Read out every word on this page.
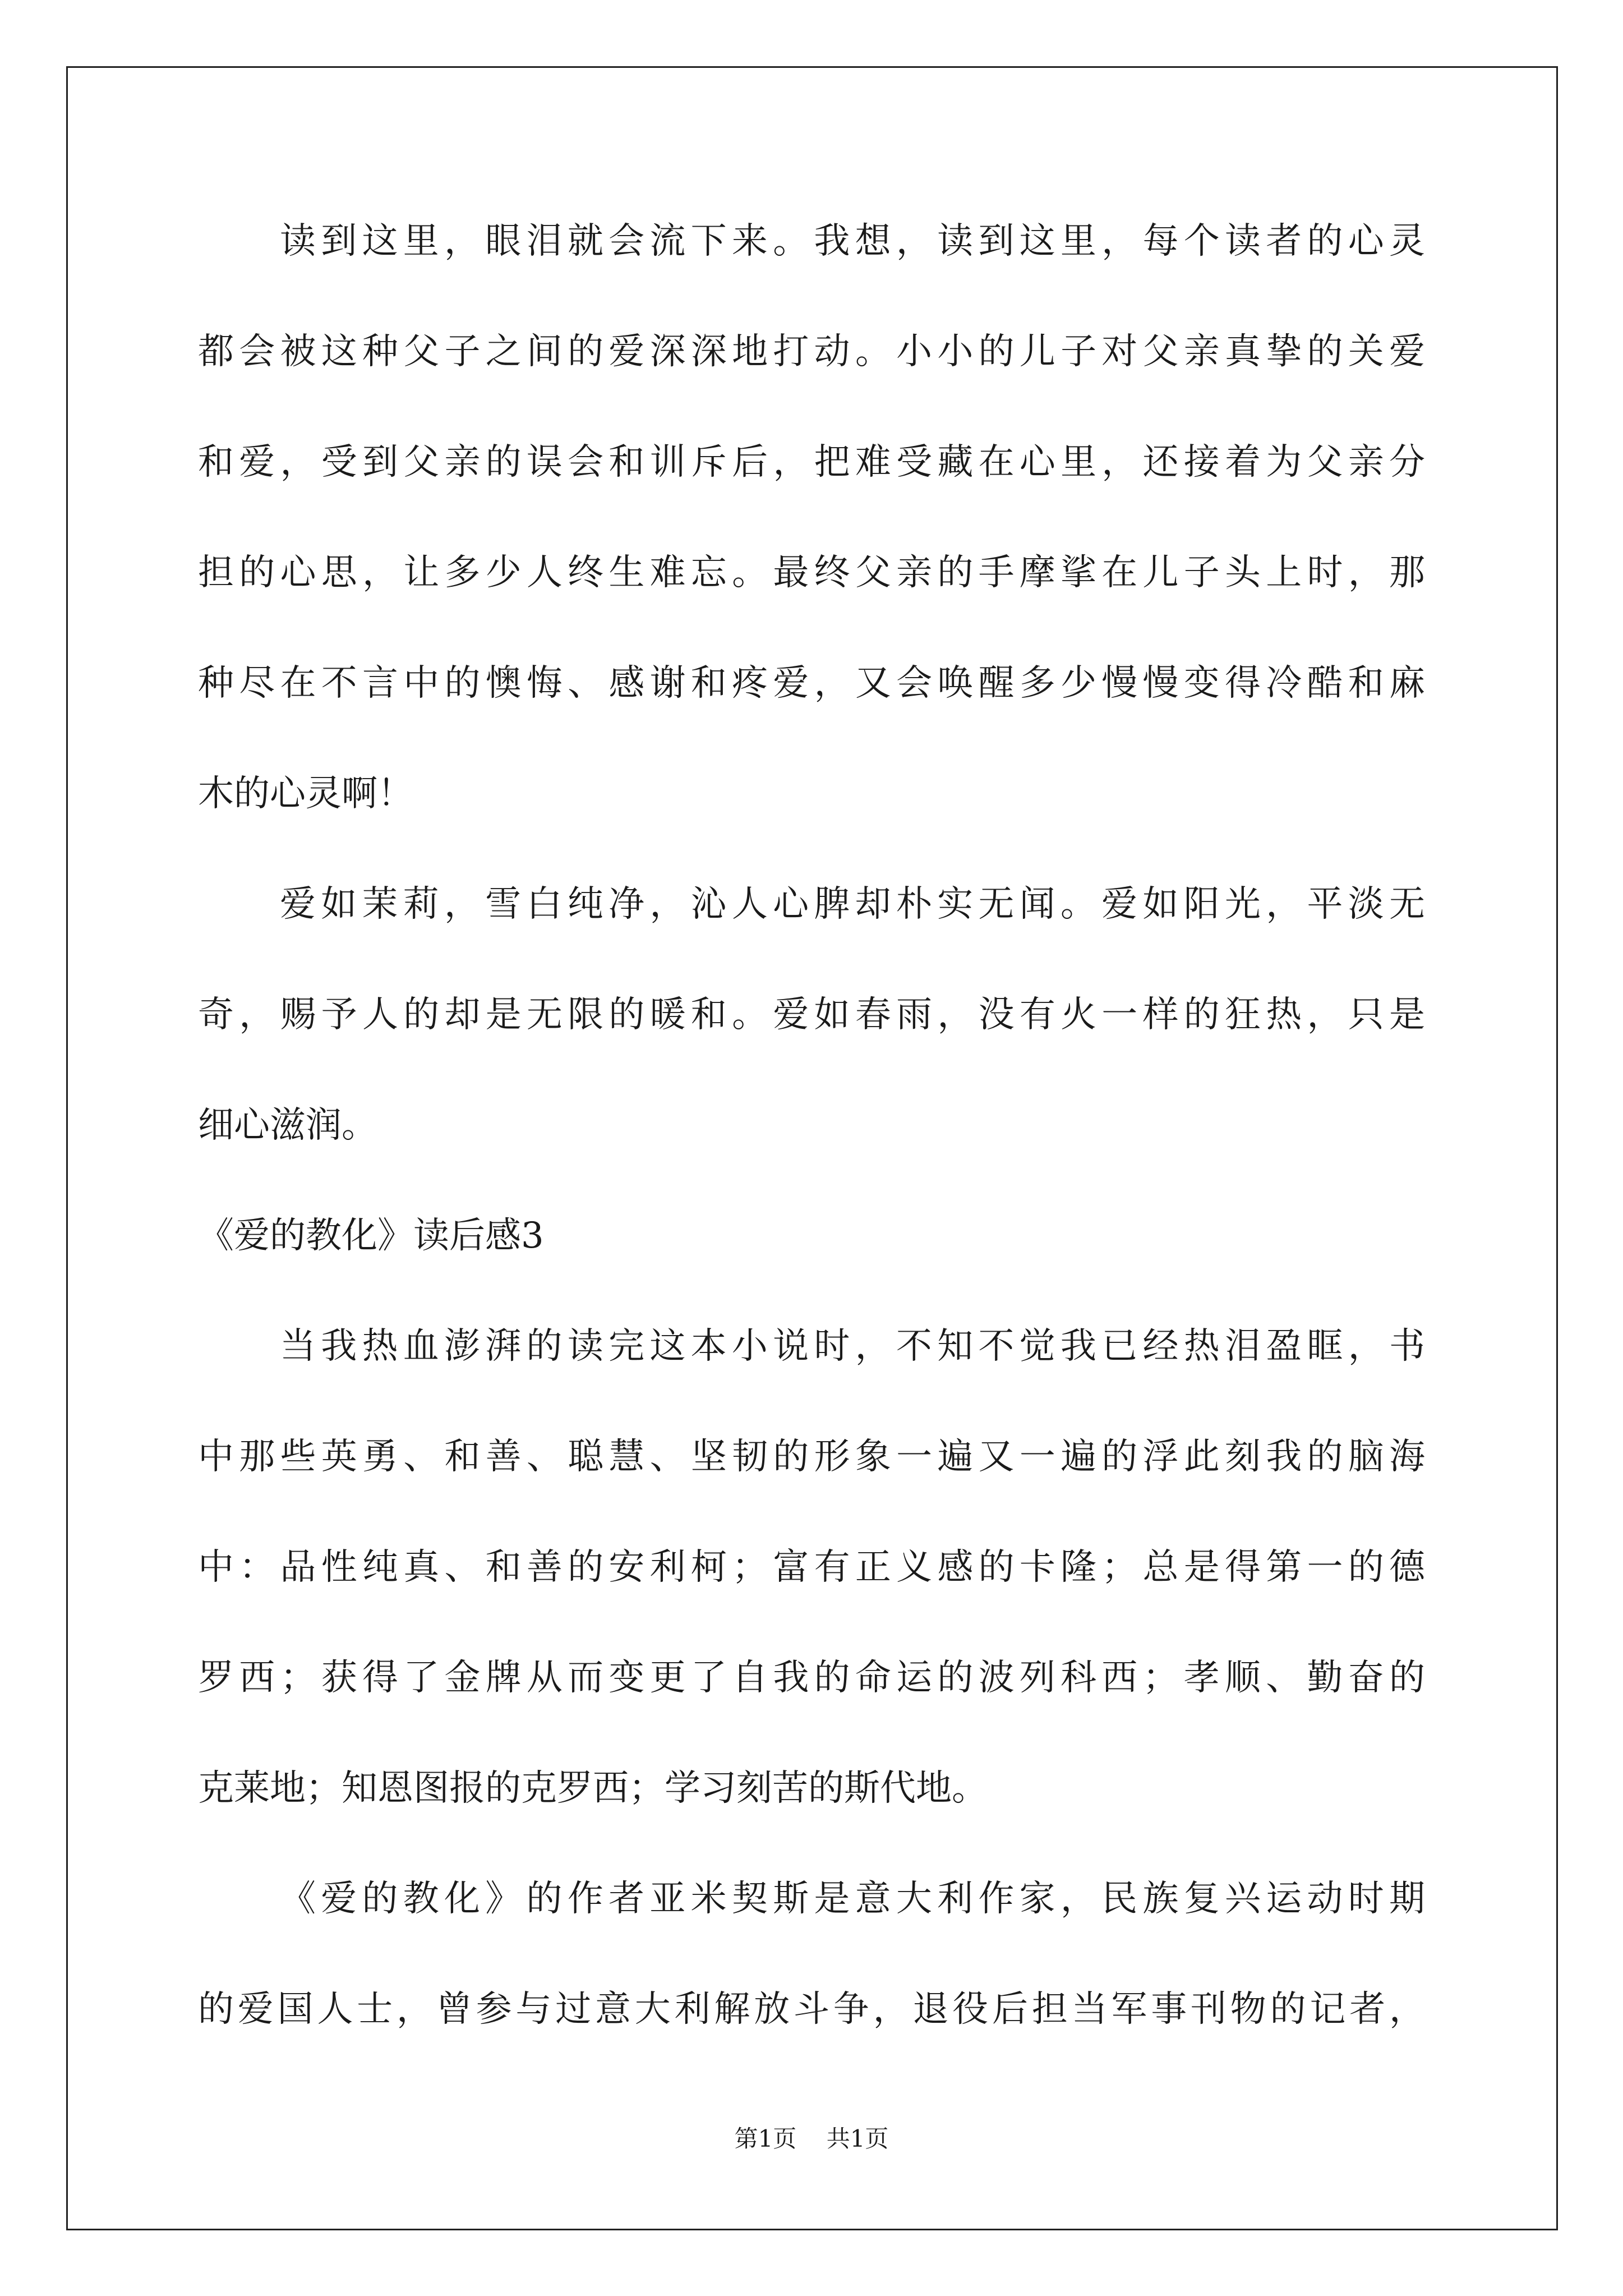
读到这里，眼泪就会流下来。我想，读到这里，每个读者的心灵
都会被这种父子之间的爱深深地打动。小小的儿子对父亲真挚的关爱
和爱，受到父亲的误会和训斥后，把难受藏在心里，还接着为父亲分
担的心思，让多少人终生难忘。最终父亲的手摩挲在儿子头上时，那
种尽在不言中的懊悔、感谢和疼爱，又会唤醒多少慢慢变得冷酷和麻
木的心灵啊！
爱如茉莉，雪白纯净，沁人心脾却朴实无闻。爱如阳光，平淡无
奇，赐予人的却是无限的暖和。爱如春雨，没有火一样的狂热，只是
细心滋润。
《爱的教化》读后感3
当我热血澎湃的读完这本小说时，不知不觉我已经热泪盈眶，书
中那些英勇、和善、聪慧、坚韧的形象一遍又一遍的浮此刻我的脑海
中：品性纯真、和善的安利柯；富有正义感的卡隆；总是得第一的德
罗西；获得了金牌从而变更了自我的命运的波列科西；孝顺、勤奋的
克莱地；知恩图报的克罗西；学习刻苦的斯代地。
《爱的教化》的作者亚米契斯是意大利作家，民族复兴运动时期
的爱国人士，曾参与过意大利解放斗争，退役后担当军事刊物的记者，
第1页 共1页
